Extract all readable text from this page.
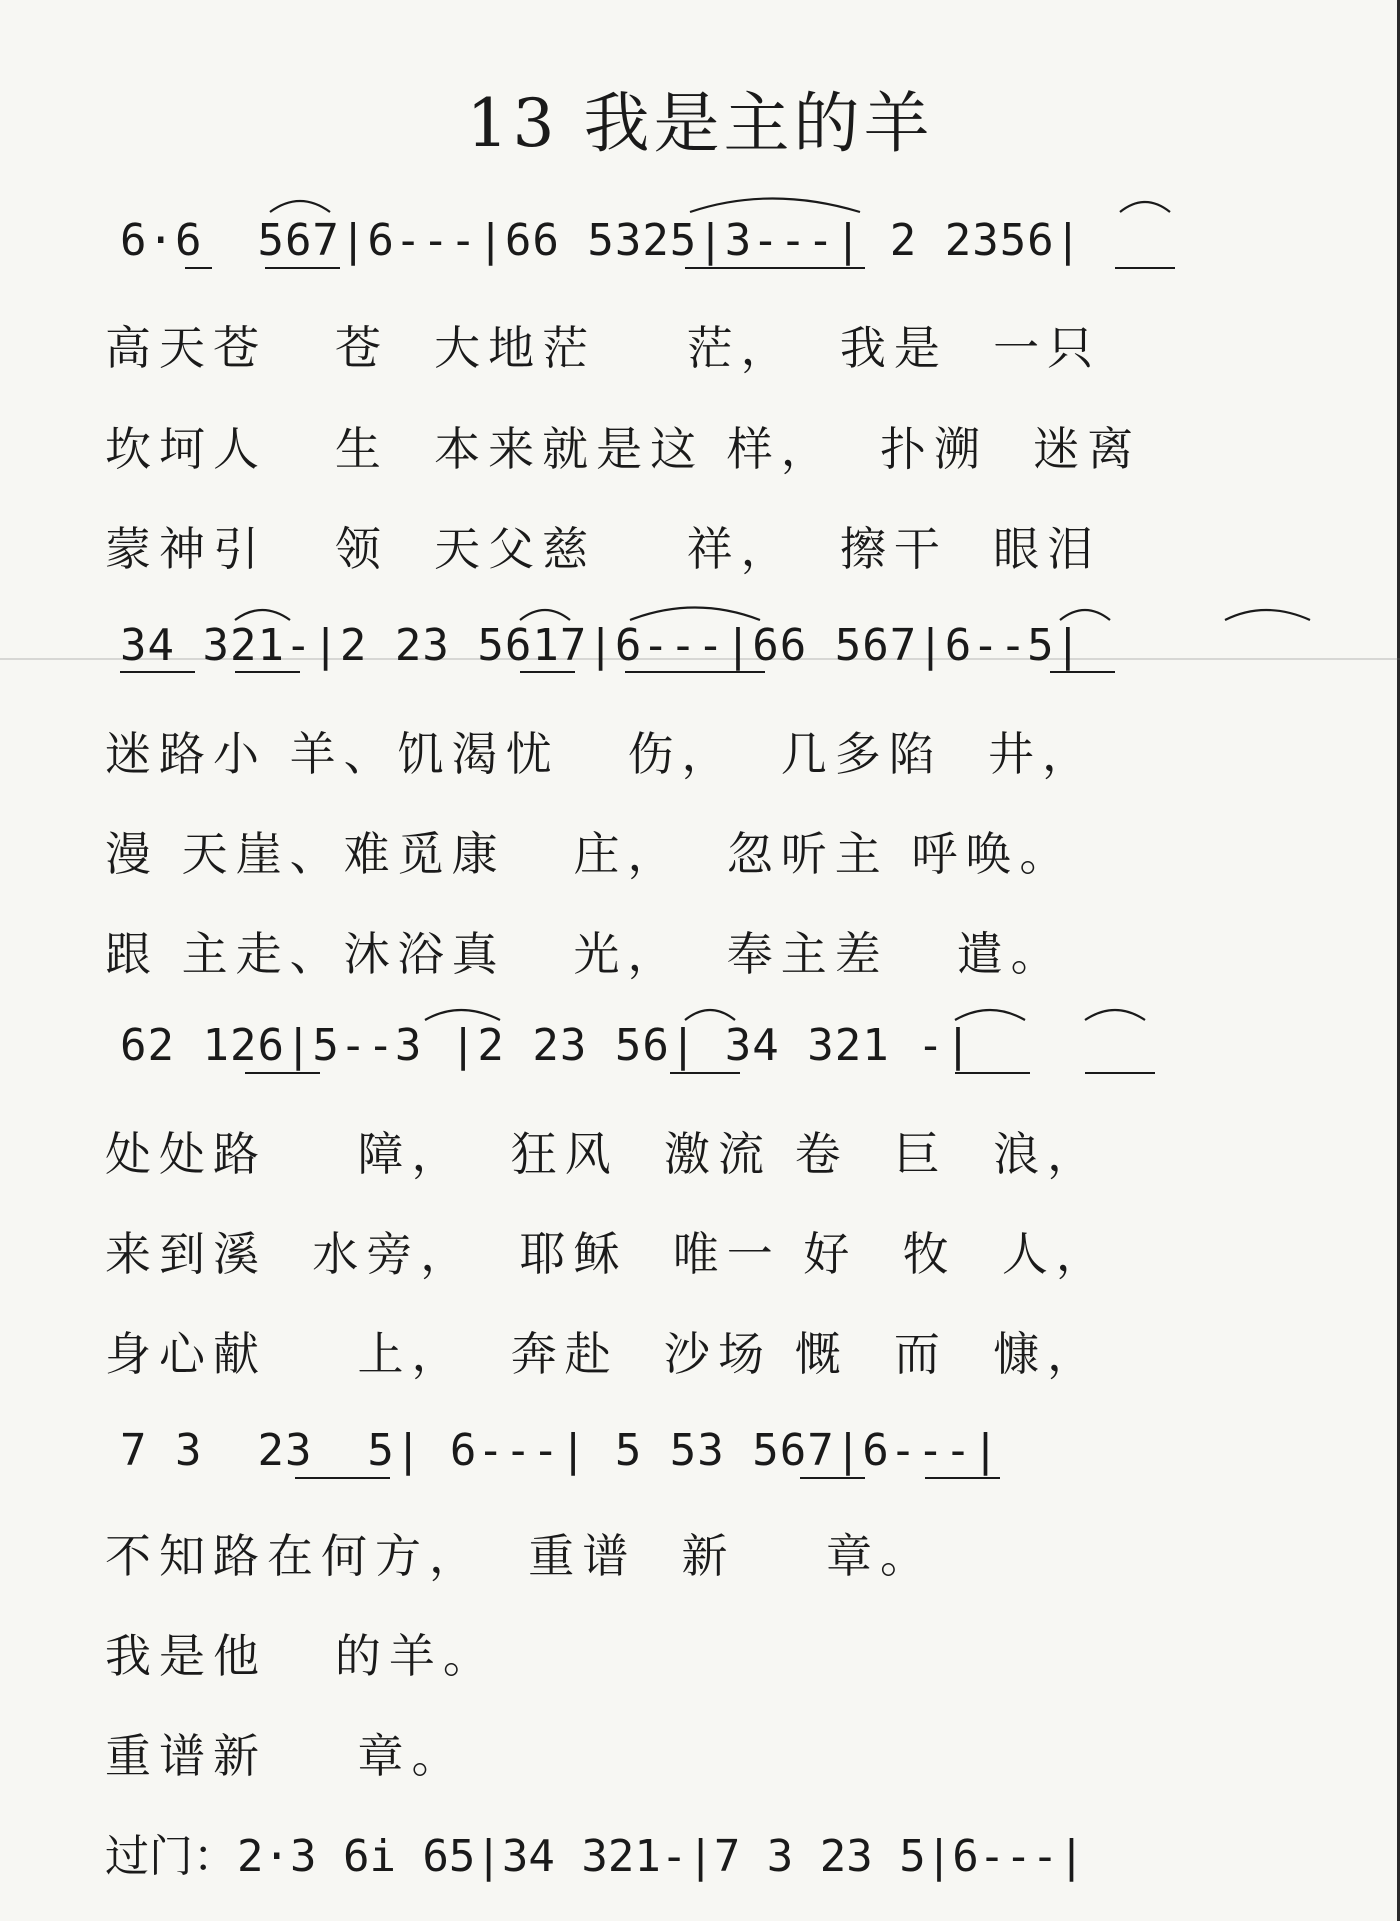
13 我是主的羊
6·6  567|6---|66 5325|3---| 2 2356|
高天苍   苍  大地茫    茫，  我是  一只
坎坷人   生  本来就是这 样，  扑溯  迷离
蒙神引   领  天父慈    祥，  擦干  眼泪
34 321-|2 23 5617|6---|66 567|6--5|
迷路小 羊、饥渴忧   伤，  几多陷  井，
漫 天崖、难觅康   庄，  忽听主 呼唤。
跟 主走、沐浴真   光，  奉主差   遣。
62 126|5--3 |2 23 56| 34 321 -|
处处路    障，  狂风  激流 卷  巨  浪，
来到溪  水旁，  耶稣  唯一 好  牧  人，
身心献    上，  奔赴  沙场 慨  而  慷，
7 3  23  5| 6---| 5 53 567|6---|
不知路在何方，  重谱  新    章。
我是他   的羊。
重谱新    章。
过门：2·3 6i 65|34 321-|7 3 23 5|6---|
